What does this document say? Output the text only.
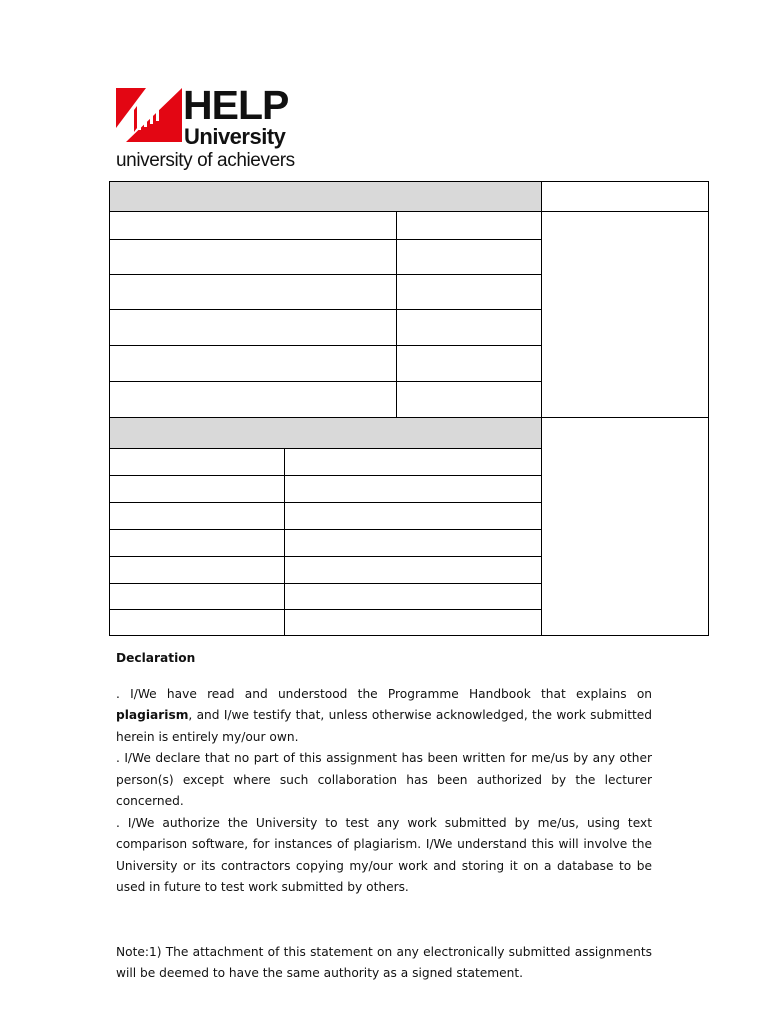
HELP
University
university of achievers
Declaration

. I/We have read and understood the Programme Handbook that explains on plagiarism, and I/we testify that, unless otherwise acknowledged, the work submitted herein is entirely my/our own.

. I/We declare that no part of this assignment has been written for me/us by any other person(s) except where such collaboration has been authorized by the lecturer concerned.

. I/We authorize the University to test any work submitted by me/us, using text comparison software, for instances of plagiarism. I/We understand this will involve the University or its contractors copying my/our work and storing it on a database to be used in future to test work submitted by others.

Note:1) The attachment of this statement on any electronically submitted assignments will be deemed to have the same authority as a signed statement.
